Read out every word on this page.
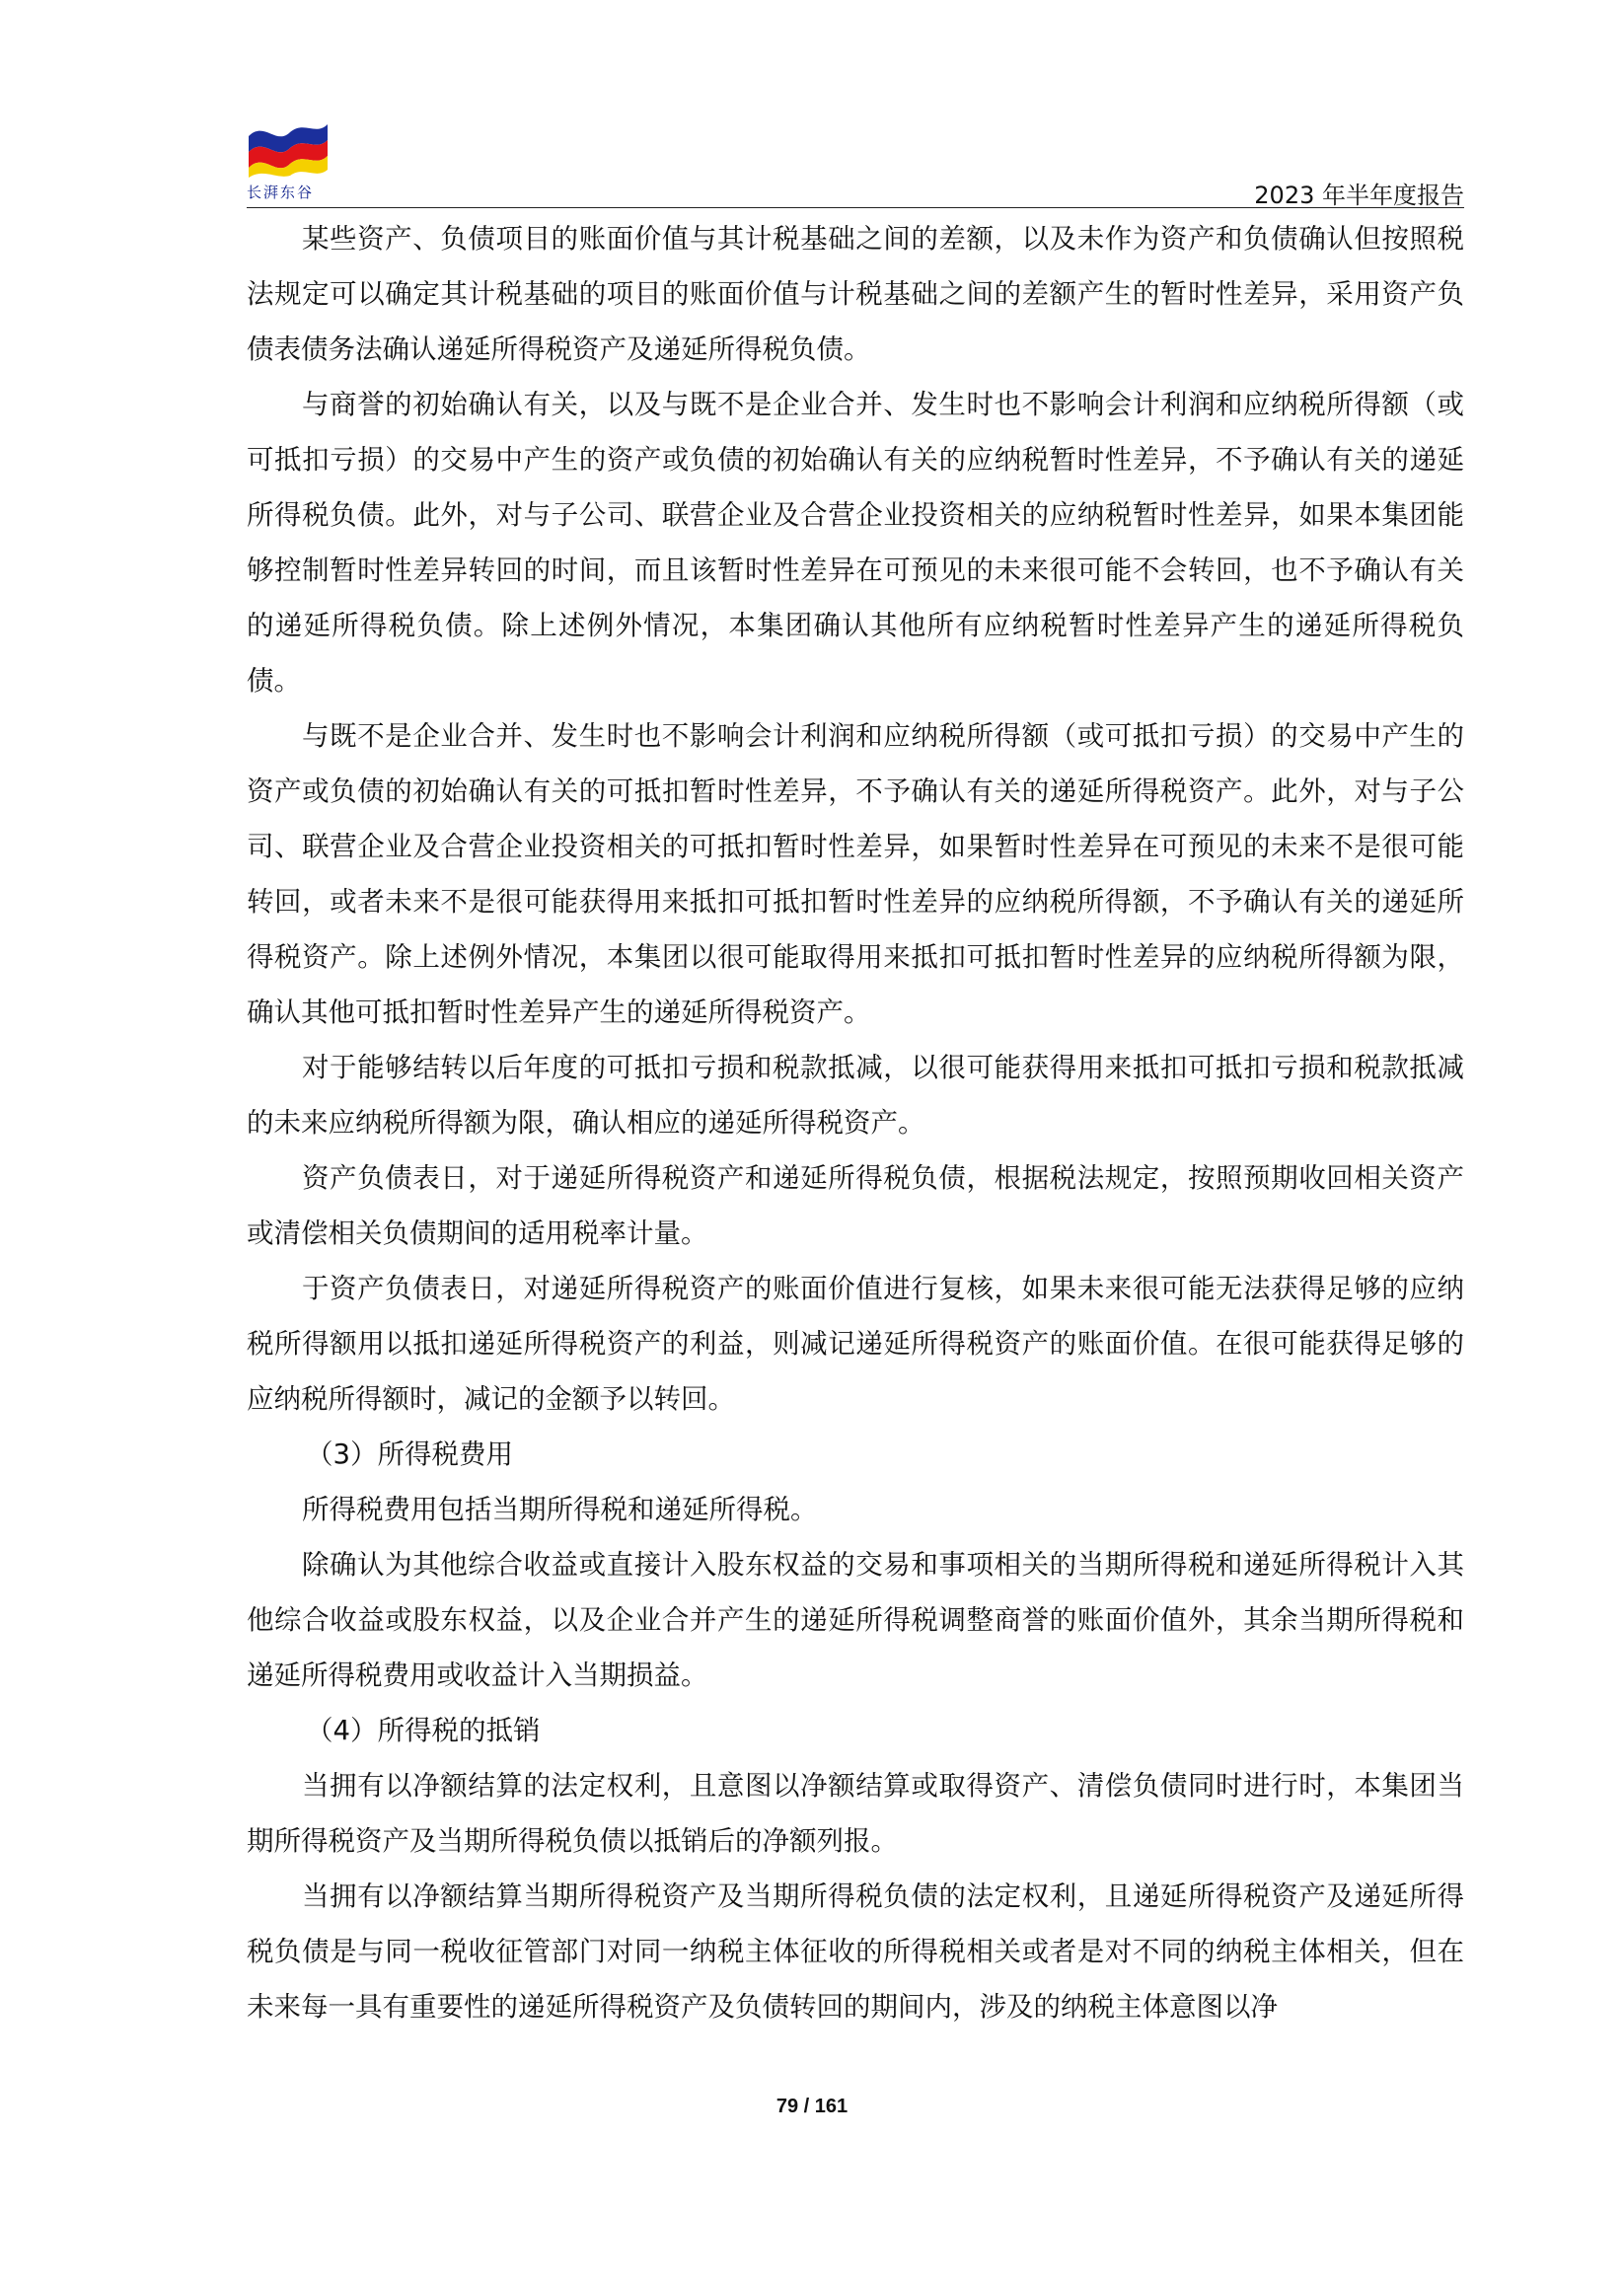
长湃东谷	2023 年半年度报告

某些资产、负债项目的账面价值与其计税基础之间的差额，以及未作为资产和负债确认但按照税法规定可以确定其计税基础的项目的账面价值与计税基础之间的差额产生的暂时性差异，采用资产负债表债务法确认递延所得税资产及递延所得税负债。

与商誉的初始确认有关，以及与既不是企业合并、发生时也不影响会计利润和应纳税所得额（或可抵扣亏损）的交易中产生的资产或负债的初始确认有关的应纳税暂时性差异，不予确认有关的递延所得税负债。此外，对与子公司、联营企业及合营企业投资相关的应纳税暂时性差异，如果本集团能够控制暂时性差异转回的时间，而且该暂时性差异在可预见的未来很可能不会转回，也不予确认有关的递延所得税负债。除上述例外情况，本集团确认其他所有应纳税暂时性差异产生的递延所得税负债。

与既不是企业合并、发生时也不影响会计利润和应纳税所得额（或可抵扣亏损）的交易中产生的资产或负债的初始确认有关的可抵扣暂时性差异，不予确认有关的递延所得税资产。此外，对与子公司、联营企业及合营企业投资相关的可抵扣暂时性差异，如果暂时性差异在可预见的未来不是很可能转回，或者未来不是很可能获得用来抵扣可抵扣暂时性差异的应纳税所得额，不予确认有关的递延所得税资产。除上述例外情况，本集团以很可能取得用来抵扣可抵扣暂时性差异的应纳税所得额为限，确认其他可抵扣暂时性差异产生的递延所得税资产。

对于能够结转以后年度的可抵扣亏损和税款抵减，以很可能获得用来抵扣可抵扣亏损和税款抵减的未来应纳税所得额为限，确认相应的递延所得税资产。

资产负债表日，对于递延所得税资产和递延所得税负债，根据税法规定，按照预期收回相关资产或清偿相关负债期间的适用税率计量。

于资产负债表日，对递延所得税资产的账面价值进行复核，如果未来很可能无法获得足够的应纳税所得额用以抵扣递延所得税资产的利益，则减记递延所得税资产的账面价值。在很可能获得足够的应纳税所得额时，减记的金额予以转回。

（3）所得税费用

所得税费用包括当期所得税和递延所得税。

除确认为其他综合收益或直接计入股东权益的交易和事项相关的当期所得税和递延所得税计入其他综合收益或股东权益，以及企业合并产生的递延所得税调整商誉的账面价值外，其余当期所得税和递延所得税费用或收益计入当期损益。

（4）所得税的抵销

当拥有以净额结算的法定权利，且意图以净额结算或取得资产、清偿负债同时进行时，本集团当期所得税资产及当期所得税负债以抵销后的净额列报。

当拥有以净额结算当期所得税资产及当期所得税负债的法定权利，且递延所得税资产及递延所得税负债是与同一税收征管部门对同一纳税主体征收的所得税相关或者是对不同的纳税主体相关，但在未来每一具有重要性的递延所得税资产及负债转回的期间内，涉及的纳税主体意图以净

79 / 161
